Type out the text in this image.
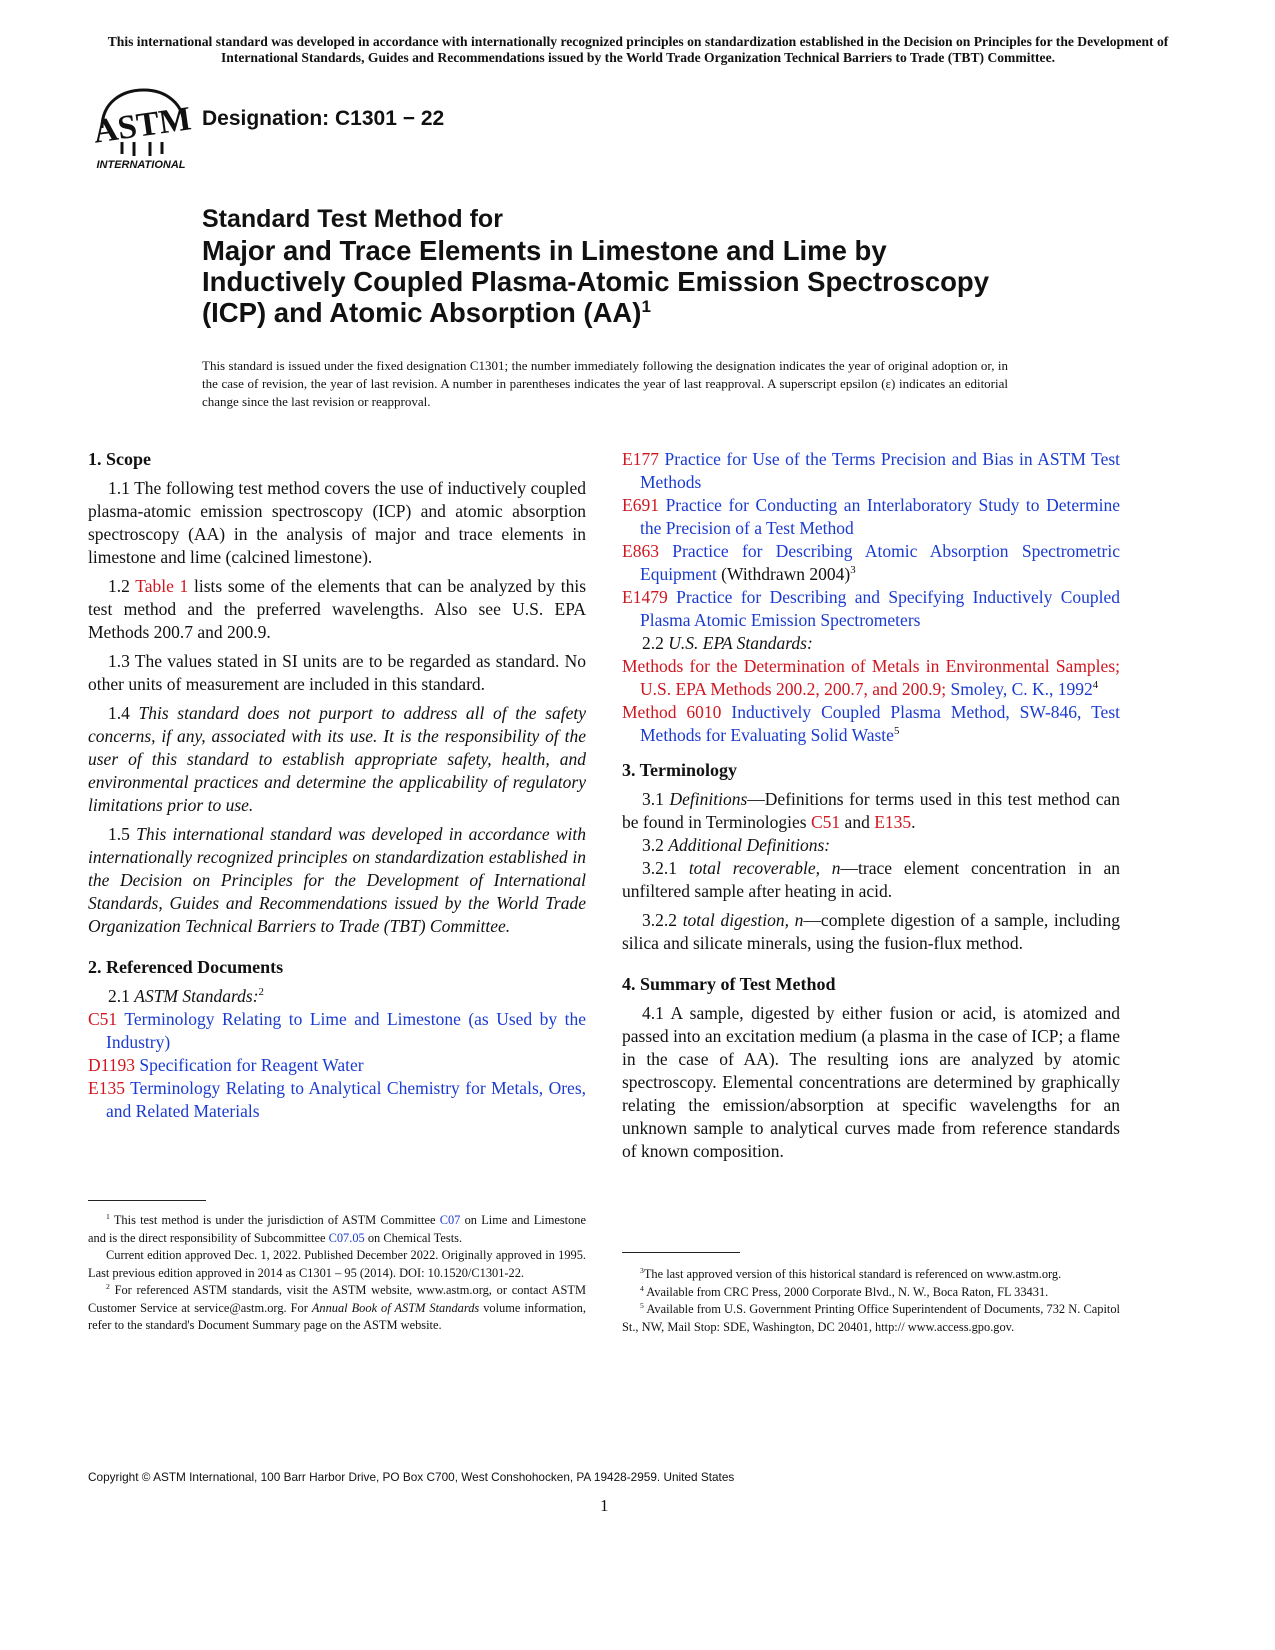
This international standard was developed in accordance with internationally recognized principles on standardization established in the Decision on Principles for the Development of International Standards, Guides and Recommendations issued by the World Trade Organization Technical Barriers to Trade (TBT) Committee.
ASTM
INTERNATIONAL
Designation: C1301 − 22
Standard Test Method for
Major and Trace Elements in Limestone and Lime by
Inductively Coupled Plasma-Atomic Emission Spectroscopy
(ICP) and Atomic Absorption (AA)$^1$
This standard is issued under the fixed designation C1301; the number immediately following the designation indicates the year of original adoption or, in the case of revision, the year of last revision. A number in parentheses indicates the year of last reapproval. A superscript epsilon (ε) indicates an editorial change since the last revision or reapproval.
1. Scope

1.1 The following test method covers the use of inductively coupled plasma-atomic emission spectroscopy (ICP) and atomic absorption spectroscopy (AA) in the analysis of major and trace elements in limestone and lime (calcined limestone).

1.2 Table 1 lists some of the elements that can be analyzed by this test method and the preferred wavelengths. Also see U.S. EPA Methods 200.7 and 200.9.

1.3 The values stated in SI units are to be regarded as standard. No other units of measurement are included in this standard.

1.4 This standard does not purport to address all of the safety concerns, if any, associated with its use. It is the responsibility of the user of this standard to establish appropriate safety, health, and environmental practices and determine the applicability of regulatory limitations prior to use.

1.5 This international standard was developed in accordance with internationally recognized principles on standardization established in the Decision on Principles for the Development of International Standards, Guides and Recommendations issued by the World Trade Organization Technical Barriers to Trade (TBT) Committee.

2. Referenced Documents

2.1 ASTM Standards:$^2$

C51 Terminology Relating to Lime and Limestone (as Used by the Industry)

D1193 Specification for Reagent Water

E135 Terminology Relating to Analytical Chemistry for Metals, Ores, and Related Materials

$^1$ This test method is under the jurisdiction of ASTM Committee C07 on Lime and Limestone and is the direct responsibility of Subcommittee C07.05 on Chemical Tests.

Current edition approved Dec. 1, 2022. Published December 2022. Originally approved in 1995. Last previous edition approved in 2014 as C1301 – 95 (2014). DOI: 10.1520/C1301-22.

$^2$ For referenced ASTM standards, visit the ASTM website, www.astm.org, or contact ASTM Customer Service at service@astm.org. For Annual Book of ASTM Standards volume information, refer to the standard's Document Summary page on the ASTM website.

E177 Practice for Use of the Terms Precision and Bias in ASTM Test Methods

E691 Practice for Conducting an Interlaboratory Study to Determine the Precision of a Test Method

E863 Practice for Describing Atomic Absorption Spectrometric Equipment (Withdrawn 2004)$^3$

E1479 Practice for Describing and Specifying Inductively Coupled Plasma Atomic Emission Spectrometers

2.2 U.S. EPA Standards:

Methods for the Determination of Metals in Environmental Samples; U.S. EPA Methods 200.2, 200.7, and 200.9; Smoley, C. K., 1992$^4$

Method 6010 Inductively Coupled Plasma Method, SW-846, Test Methods for Evaluating Solid Waste$^5$

3. Terminology

3.1 Definitions—Definitions for terms used in this test method can be found in Terminologies C51 and E135.

3.2 Additional Definitions:

3.2.1 total recoverable, n—trace element concentration in an unfiltered sample after heating in acid.

3.2.2 total digestion, n—complete digestion of a sample, including silica and silicate minerals, using the fusion-flux method.

4. Summary of Test Method

4.1 A sample, digested by either fusion or acid, is atomized and passed into an excitation medium (a plasma in the case of ICP; a flame in the case of AA). The resulting ions are analyzed by atomic spectroscopy. Elemental concentrations are determined by graphically relating the emission/absorption at specific wavelengths for an unknown sample to analytical curves made from reference standards of known composition.

$^3$The last approved version of this historical standard is referenced on www.astm.org.

$^4$ Available from CRC Press, 2000 Corporate Blvd., N. W., Boca Raton, FL 33431.

$^5$ Available from U.S. Government Printing Office Superintendent of Documents, 732 N. Capitol St., NW, Mail Stop: SDE, Washington, DC 20401, http:// www.access.gpo.gov.

Copyright © ASTM International, 100 Barr Harbor Drive, PO Box C700, West Conshohocken, PA 19428-2959. United States
1
